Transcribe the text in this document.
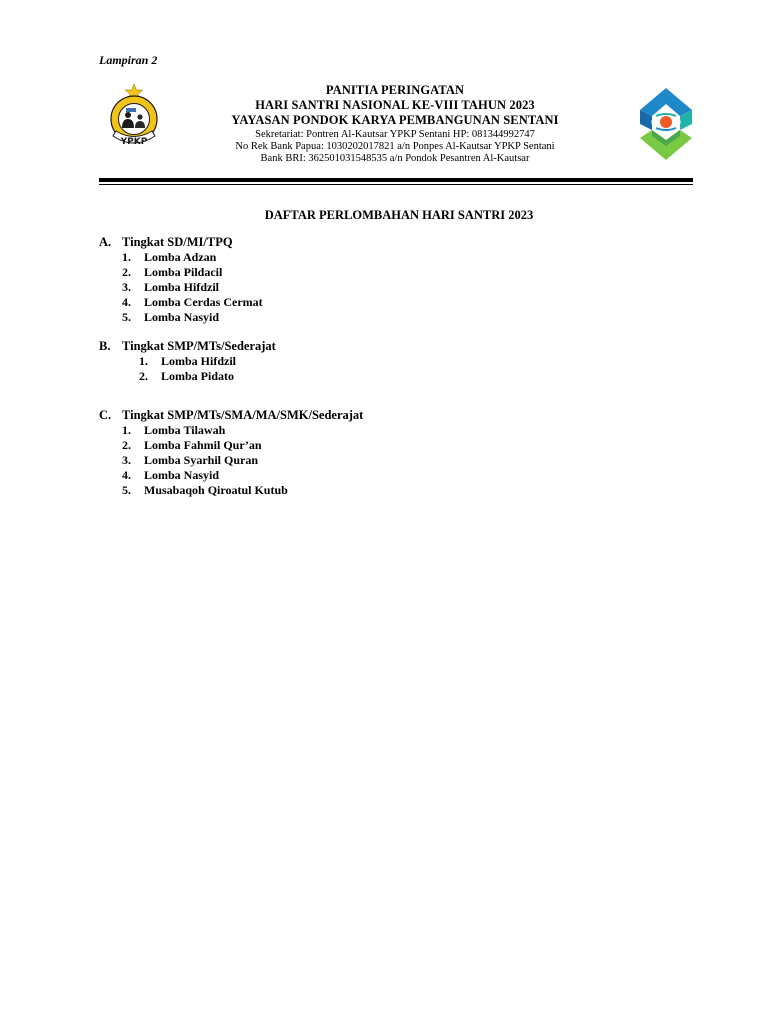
Lampiran 2
YPKP
PANITIA PERINGATAN
HARI SANTRI NASIONAL KE-VIII TAHUN 2023
YAYASAN PONDOK KARYA PEMBANGUNAN SENTANI
Sekretariat: Pontren Al-Kautsar YPKP Sentani HP: 081344992747
No Rek Bank Papua: 1030202017821 a/n Ponpes Al-Kautsar YPKP Sentani
Bank BRI: 362501031548535 a/n Pondok Pesantren Al-Kautsar
DAFTAR PERLOMBAHAN HARI SANTRI 2023
A. Tingkat SD/MI/TPQ
1. Lomba Adzan
2. Lomba Pildacil
3. Lomba Hifdzil
4. Lomba Cerdas Cermat
5. Lomba Nasyid
B. Tingkat SMP/MTs/Sederajat
1. Lomba Hifdzil
2. Lomba Pidato
C. Tingkat SMP/MTs/SMA/MA/SMK/Sederajat
1. Lomba Tilawah
2. Lomba Fahmil Qur’an
3. Lomba Syarhil Quran
4. Lomba Nasyid
5. Musabaqoh Qiroatul Kutub
